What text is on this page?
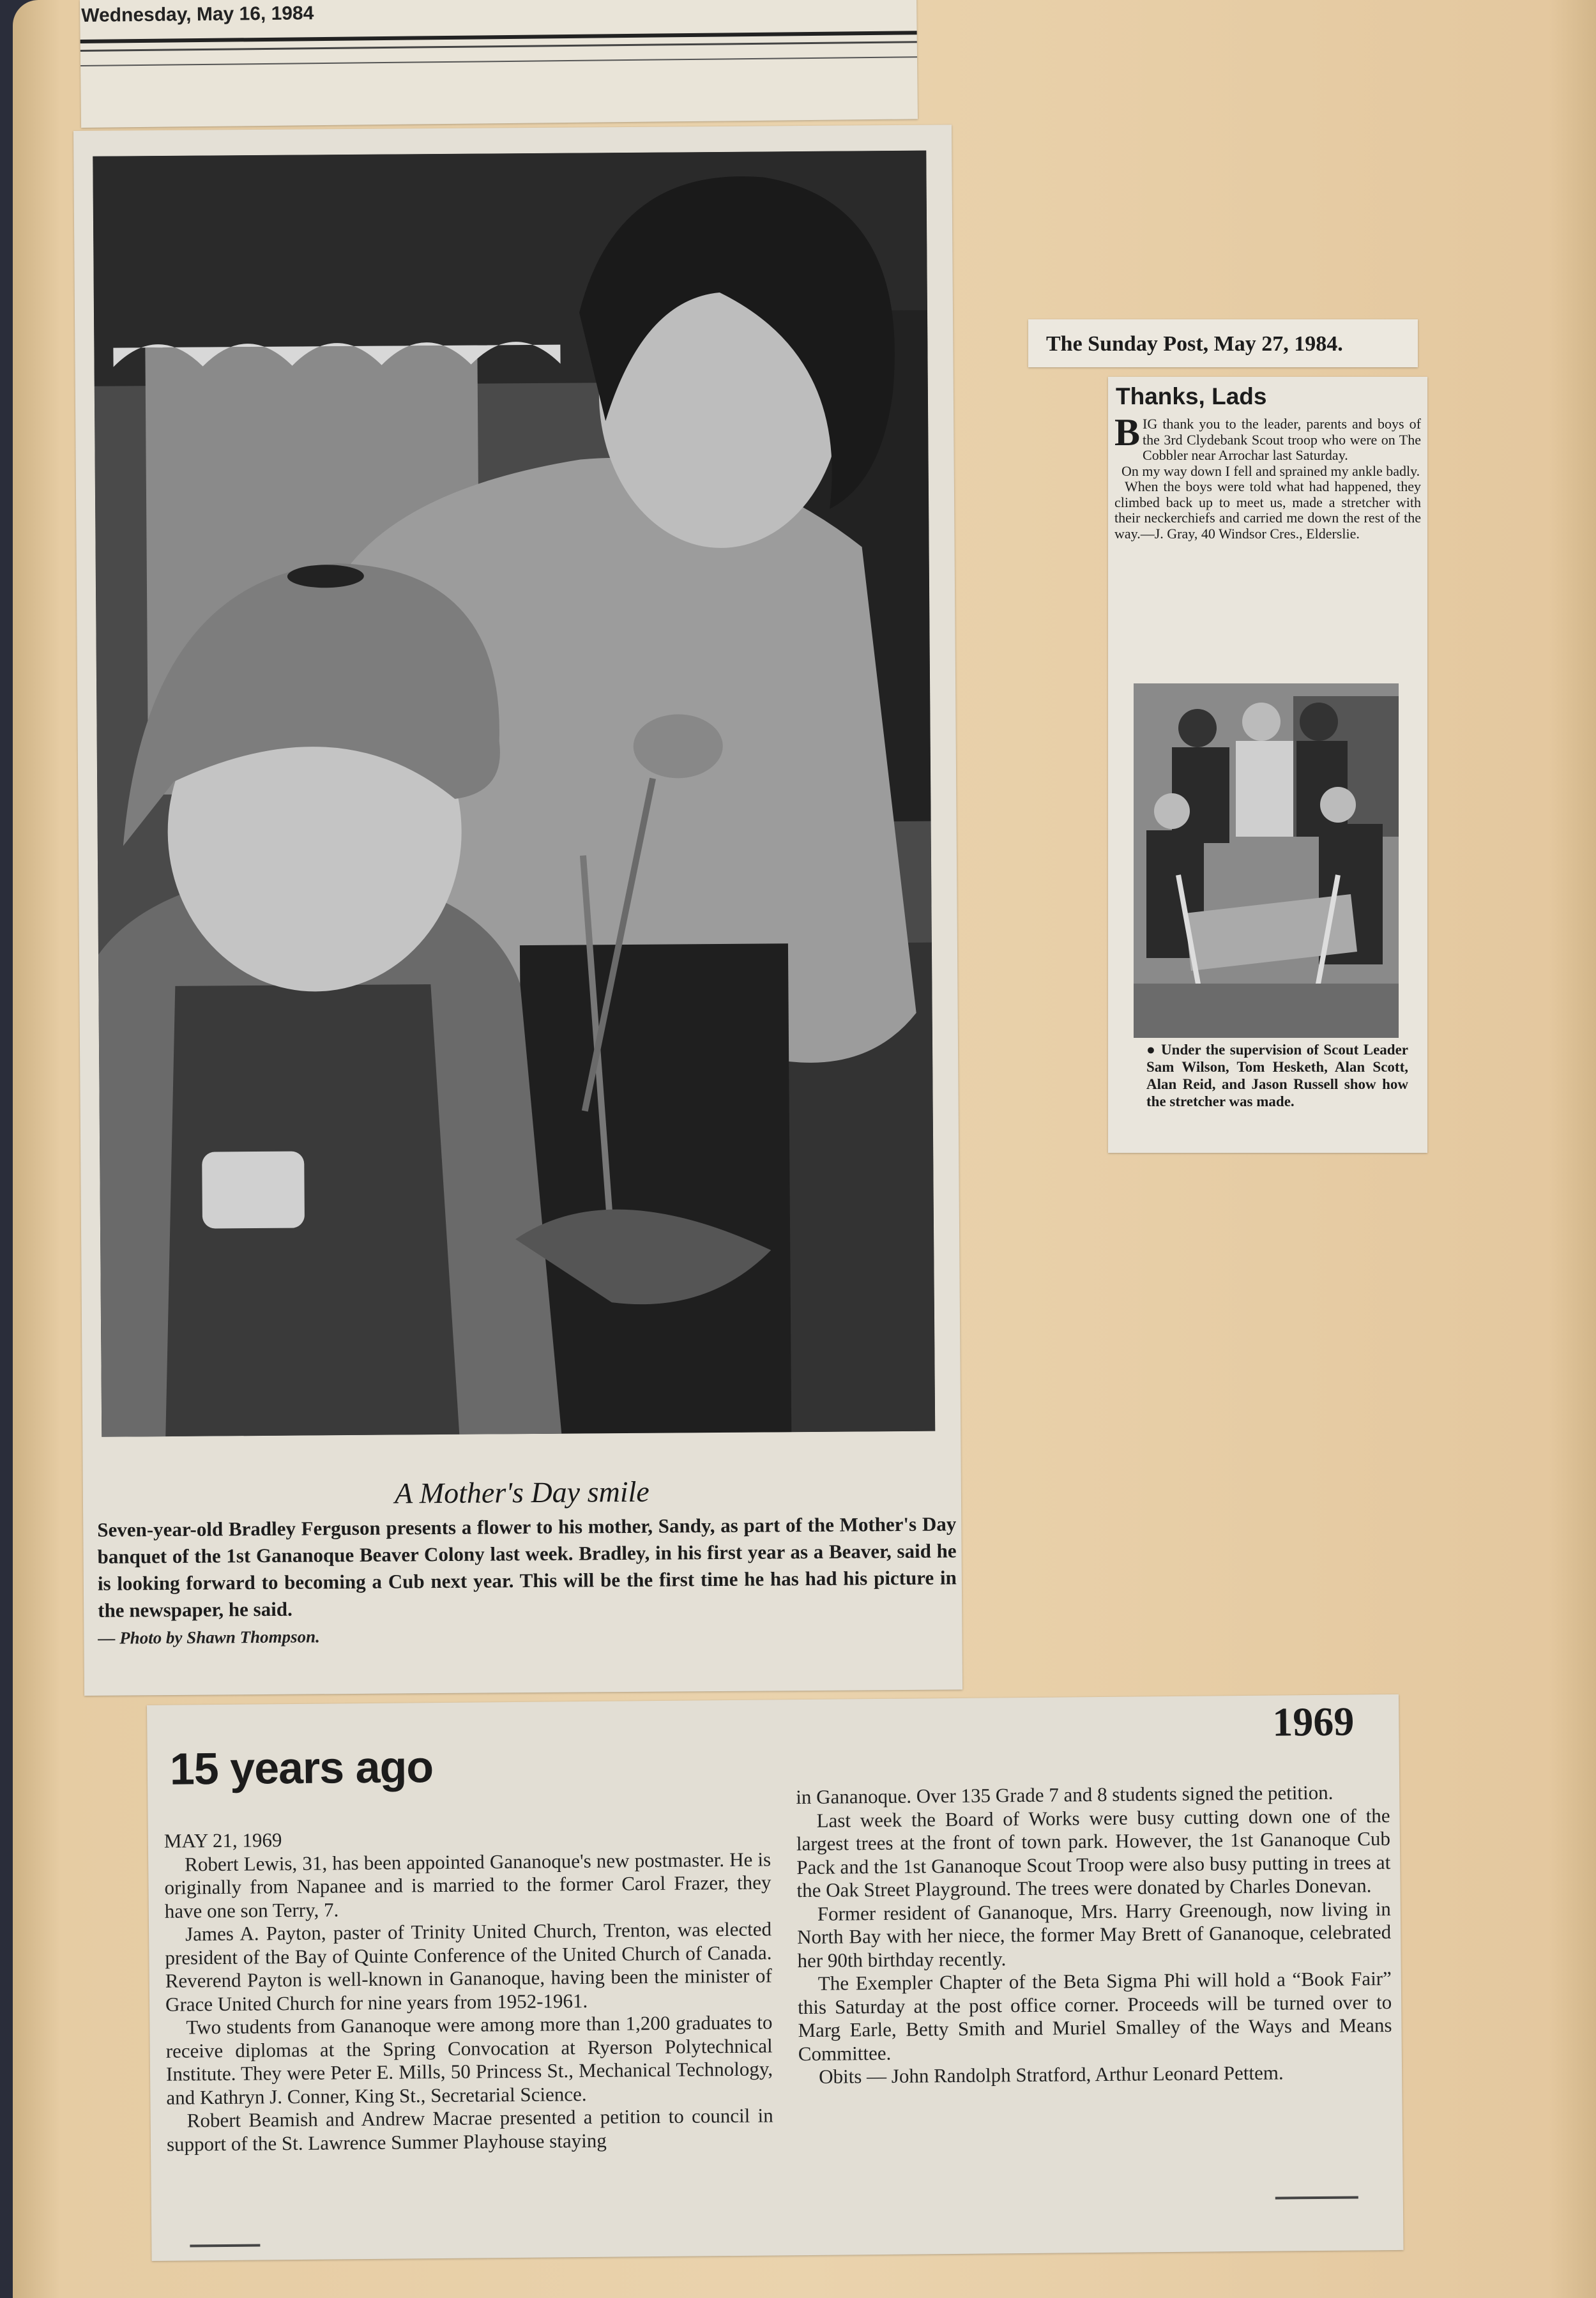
Wednesday, May 16, 1984
A Mother's Day smile
Seven-year-old Bradley Ferguson presents a flower to his mother, Sandy, as part of the Mother's Day banquet of the 1st Gananoque Beaver Colony last week. Bradley, in his first year as a Beaver, said he is looking forward to becoming a Cub next year. This will be the first time he has had his picture in the newspaper, he said.
— Photo by Shawn Thompson.
The Sunday Post, May 27, 1984.
Thanks, Lads
B IG thank you to the leader, parents and boys of the 3rd Clydebank Scout troop who were on The Cobbler near Arrochar last Saturday.
On my way down I fell and sprained my ankle badly.
When the boys were told what had happened, they climbed back up to meet us, made a stretcher with their neckerchiefs and carried me down the rest of the way.—J. Gray, 40 Windsor Cres., Elderslie.
● Under the supervision of Scout Leader Sam Wilson, Tom Hesketh, Alan Scott, Alan Reid, and Jason Russell show how the stretcher was made.
1969
15 years ago

MAY 21, 1969

Robert Lewis, 31, has been appointed Gananoque's new postmaster. He is originally from Napanee and is married to the former Carol Frazer, they have one son Terry, 7.

James A. Payton, paster of Trinity United Church, Trenton, was elected president of the Bay of Quinte Conference of the United Church of Canada. Reverend Payton is well-known in Gananoque, having been the minister of Grace United Church for nine years from 1952-1961.

Two students from Gananoque were among more than 1,200 graduates to receive diplomas at the Spring Convocation at Ryerson Polytechnical Institute. They were Peter E. Mills, 50 Princess St., Mechanical Technology, and Kathryn J. Conner, King St., Secretarial Science.

Robert Beamish and Andrew Macrae presented a petition to council in support of the St. Lawrence Summer Playhouse staying

in Gananoque. Over 135 Grade 7 and 8 students signed the petition.

Last week the Board of Works were busy cutting down one of the largest trees at the front of town park. However, the 1st Gananoque Cub Pack and the 1st Gananoque Scout Troop were also busy putting in trees at the Oak Street Playground. The trees were donated by Charles Donevan.

Former resident of Gananoque, Mrs. Harry Greenough, now living in North Bay with her niece, the former May Brett of Gananoque, celebrated her 90th birthday recently.

The Exempler Chapter of the Beta Sigma Phi will hold a “Book Fair” this Saturday at the post office corner. Proceeds will be turned over to Marg Earle, Betty Smith and Muriel Smalley of the Ways and Means Committee.

Obits — John Randolph Stratford, Arthur Leonard Pettem.
